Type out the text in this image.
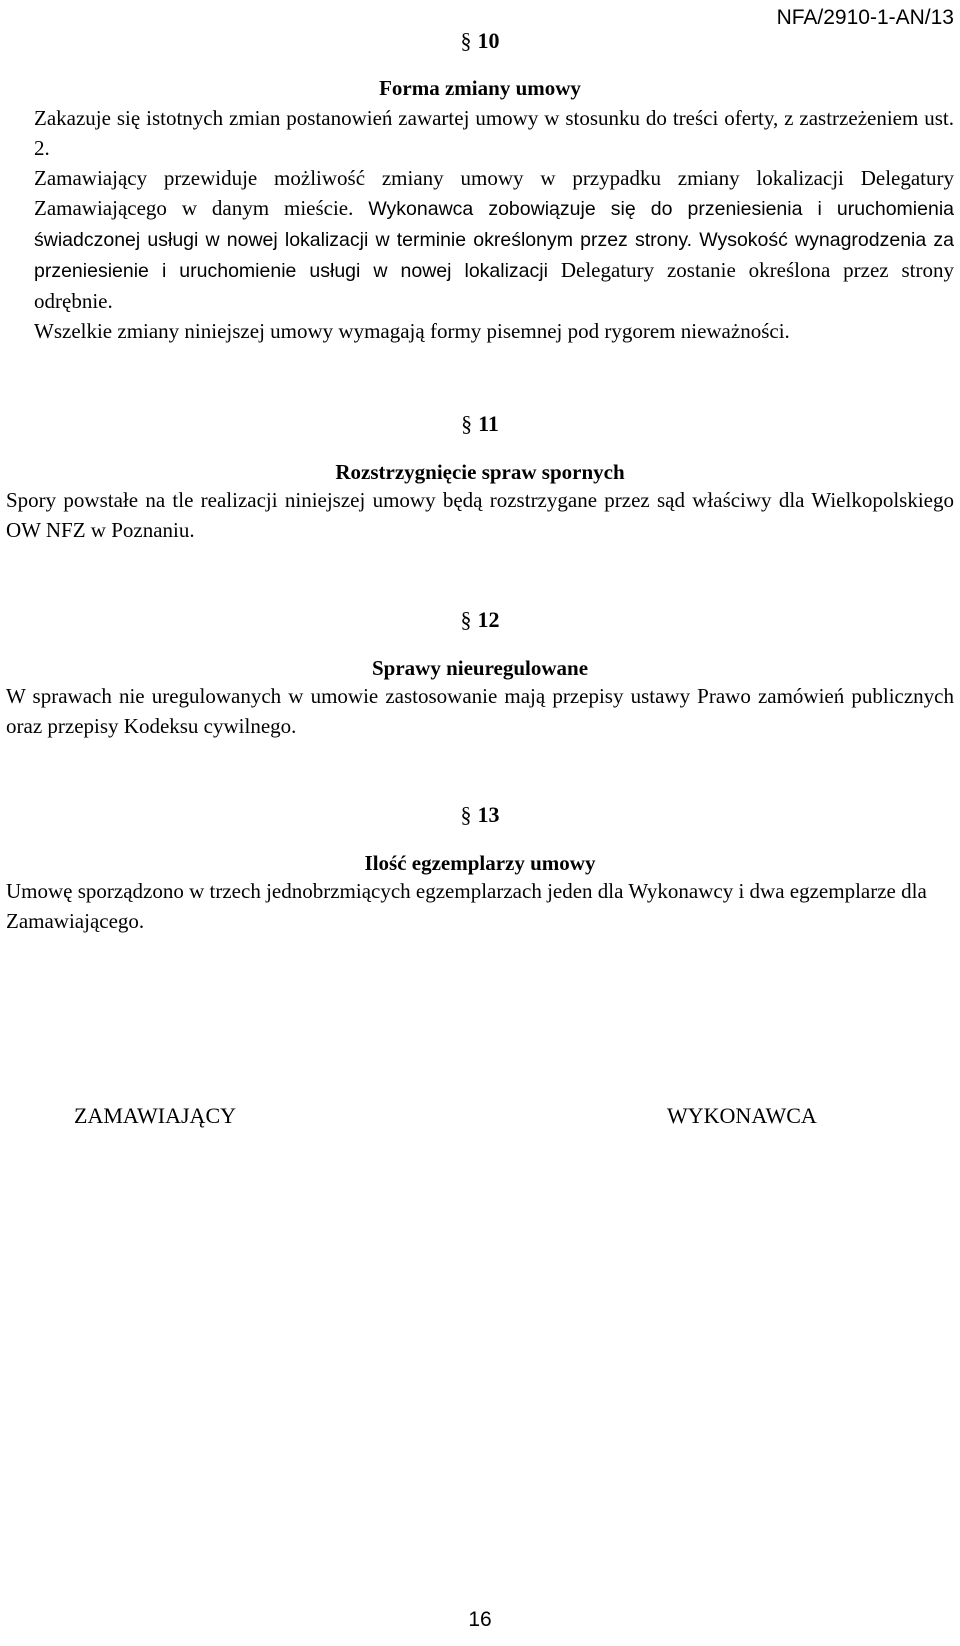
NFA/2910-1-AN/13
§ 10
Forma zmiany umowy
Zakazuje się istotnych zmian postanowień zawartej umowy w stosunku do treści oferty, z zastrzeżeniem ust. 2.
Zamawiający przewiduje możliwość zmiany umowy w przypadku zmiany lokalizacji Delegatury Zamawiającego w danym mieście. Wykonawca zobowiązuje się do przeniesienia i uruchomienia świadczonej usługi w nowej lokalizacji w terminie określonym przez strony. Wysokość wynagrodzenia za przeniesienie i uruchomienie usługi w nowej lokalizacji Delegatury zostanie określona przez strony odrębnie.
Wszelkie zmiany niniejszej umowy wymagają formy pisemnej pod rygorem nieważności.
§ 11
Rozstrzygnięcie spraw spornych
Spory powstałe na tle realizacji niniejszej umowy będą rozstrzygane przez sąd właściwy dla Wielkopolskiego OW NFZ w Poznaniu.
§ 12
Sprawy nieuregulowane
W sprawach nie uregulowanych w umowie zastosowanie mają przepisy ustawy Prawo zamówień publicznych oraz przepisy Kodeksu cywilnego.
§ 13
Ilość egzemplarzy umowy
Umowę sporządzono w trzech jednobrzmiących egzemplarzach jeden dla Wykonawcy i dwa egzemplarze dla Zamawiającego.
ZAMAWIAJĄCY	WYKONAWCA
16
